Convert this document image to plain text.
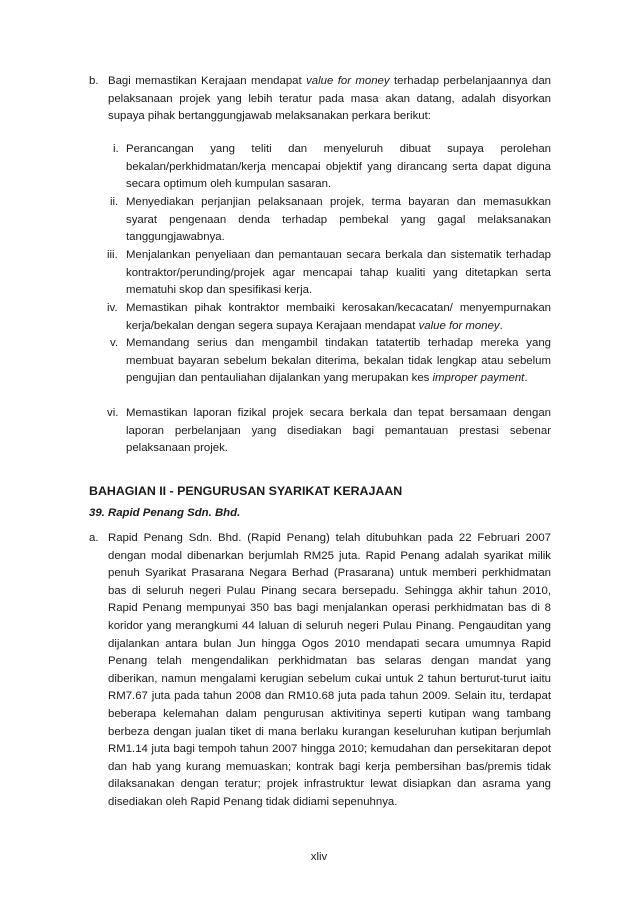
b. Bagi memastikan Kerajaan mendapat value for money terhadap perbelanjaannya dan pelaksanaan projek yang lebih teratur pada masa akan datang, adalah disyorkan supaya pihak bertanggungjawab melaksanakan perkara berikut:
i. Perancangan yang teliti dan menyeluruh dibuat supaya perolehan bekalan/perkhidmatan/kerja mencapai objektif yang dirancang serta dapat diguna secara optimum oleh kumpulan sasaran.
ii. Menyediakan perjanjian pelaksanaan projek, terma bayaran dan memasukkan syarat pengenaan denda terhadap pembekal yang gagal melaksanakan tanggungjawabnya.
iii. Menjalankan penyeliaan dan pemantauan secara berkala dan sistematik terhadap kontraktor/perunding/projek agar mencapai tahap kualiti yang ditetapkan serta mematuhi skop dan spesifikasi kerja.
iv. Memastikan pihak kontraktor membaiki kerosakan/kecacatan/ menyempurnakan kerja/bekalan dengan segera supaya Kerajaan mendapat value for money.
v. Memandang serius dan mengambil tindakan tatatertib terhadap mereka yang membuat bayaran sebelum bekalan diterima, bekalan tidak lengkap atau sebelum pengujian dan pentauliahan dijalankan yang merupakan kes improper payment.
vi. Memastikan laporan fizikal projek secara berkala dan tepat bersamaan dengan laporan perbelanjaan yang disediakan bagi pemantauan prestasi sebenar pelaksanaan projek.
BAHAGIAN II - PENGURUSAN SYARIKAT KERAJAAN
39. Rapid Penang Sdn. Bhd.
a. Rapid Penang Sdn. Bhd. (Rapid Penang) telah ditubuhkan pada 22 Februari 2007 dengan modal dibenarkan berjumlah RM25 juta. Rapid Penang adalah syarikat milik penuh Syarikat Prasarana Negara Berhad (Prasarana) untuk memberi perkhidmatan bas di seluruh negeri Pulau Pinang secara bersepadu. Sehingga akhir tahun 2010, Rapid Penang mempunyai 350 bas bagi menjalankan operasi perkhidmatan bas di 8 koridor yang merangkumi 44 laluan di seluruh negeri Pulau Pinang. Pengauditan yang dijalankan antara bulan Jun hingga Ogos 2010 mendapati secara umumnya Rapid Penang telah mengendalikan perkhidmatan bas selaras dengan mandat yang diberikan, namun mengalami kerugian sebelum cukai untuk 2 tahun berturut-turut iaitu RM7.67 juta pada tahun 2008 dan RM10.68 juta pada tahun 2009. Selain itu, terdapat beberapa kelemahan dalam pengurusan aktivitinya seperti kutipan wang tambang berbeza dengan jualan tiket di mana berlaku kurangan keseluruhan kutipan berjumlah RM1.14 juta bagi tempoh tahun 2007 hingga 2010; kemudahan dan persekitaran depot dan hab yang kurang memuaskan; kontrak bagi kerja pembersihan bas/premis tidak dilaksanakan dengan teratur; projek infrastruktur lewat disiapkan dan asrama yang disediakan oleh Rapid Penang tidak didiami sepenuhnya.
xliv
